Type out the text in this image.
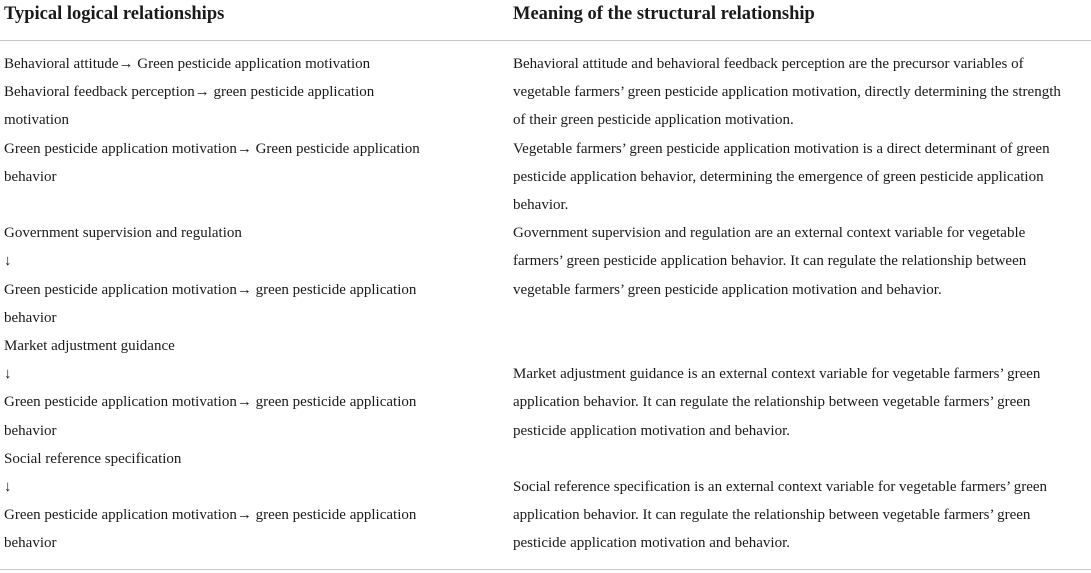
Typical logical relationships	Meaning of the structural relationship
Behavioral attitude→ Green pesticide application motivation
Behavioral feedback perception→ green pesticide application
motivation
Behavioral attitude and behavioral feedback perception are the precursor variables of
vegetable farmers’ green pesticide application motivation, directly determining the strength
of their green pesticide application motivation.
Green pesticide application motivation→ Green pesticide application
behavior

Vegetable farmers’ green pesticide application motivation is a direct determinant of green
pesticide application behavior, determining the emergence of green pesticide application
behavior.
Government supervision and regulation
↓
Green pesticide application motivation→ green pesticide application
behavior
Government supervision and regulation are an external context variable for vegetable
farmers’ green pesticide application behavior. It can regulate the relationship between
vegetable farmers’ green pesticide application motivation and behavior.
Market adjustment guidance
↓
Green pesticide application motivation→ green pesticide application
behavior

Market adjustment guidance is an external context variable for vegetable farmers’ green
application behavior. It can regulate the relationship between vegetable farmers’ green
pesticide application motivation and behavior.
Social reference specification
↓
Green pesticide application motivation→ green pesticide application
behavior

Social reference specification is an external context variable for vegetable farmers’ green
application behavior. It can regulate the relationship between vegetable farmers’ green
pesticide application motivation and behavior.
